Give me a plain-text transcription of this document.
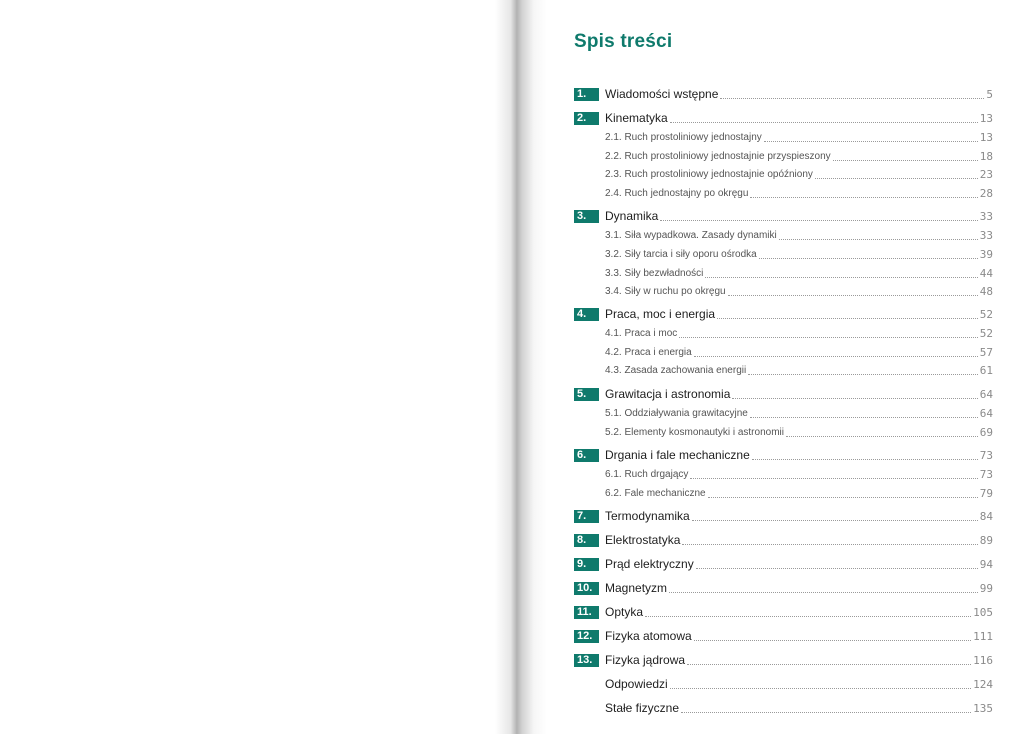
Spis treści
1.	Wiadomości wstępne	5
2.	Kinematyka	13
2.1. Ruch prostoliniowy jednostajny	13
2.2. Ruch prostoliniowy jednostajnie przyspieszony	18
2.3. Ruch prostoliniowy jednostajnie opóźniony	23
2.4. Ruch jednostajny po okręgu	28
3.	Dynamika	33
3.1. Siła wypadkowa. Zasady dynamiki	33
3.2. Siły tarcia i siły oporu ośrodka	39
3.3. Siły bezwładności	44
3.4. Siły w ruchu po okręgu	48
4.	Praca, moc i energia	52
4.1. Praca i moc	52
4.2. Praca i energia	57
4.3. Zasada zachowania energii	61
5.	Grawitacja i astronomia	64
5.1. Oddziaływania grawitacyjne	64
5.2. Elementy kosmonautyki i astronomii	69
6.	Drgania i fale mechaniczne	73
6.1. Ruch drgający	73
6.2. Fale mechaniczne	79
7.	Termodynamika	84
8.	Elektrostatyka	89
9.	Prąd elektryczny	94
10.	Magnetyzm	99
11.	Optyka	105
12.	Fizyka atomowa	111
13.	Fizyka jądrowa	116
Odpowiedzi	124
Stałe fizyczne	135
